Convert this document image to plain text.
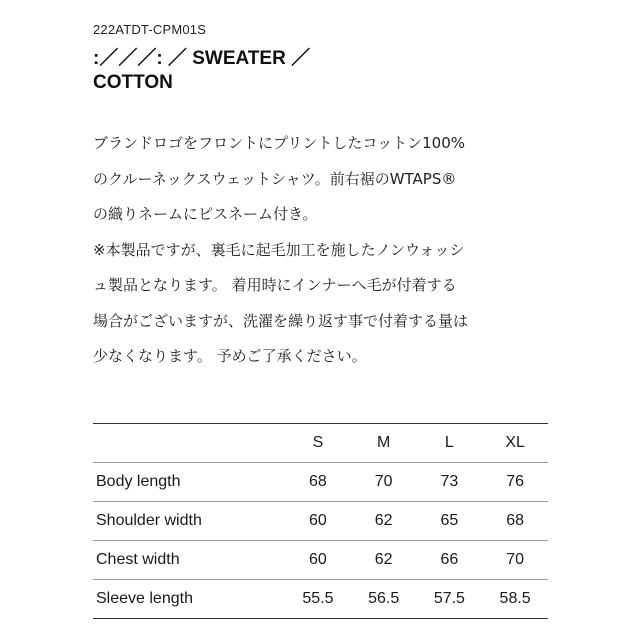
222ATDT-CPM01S
:／／／: ／ SWEATER ／
COTTON

ブランドロゴをフロントにプリントしたコットン100%
のクルーネックスウェットシャツ。前右裾のWTAPS®
の織りネームにピスネーム付き。
※本製品ですが、裏毛に起毛加工を施したノンウォッシ
ュ製品となります。 着用時にインナーへ毛が付着する
場合がございますが、洗濯を繰り返す事で付着する量は
少なくなります。 予めご了承ください。

	S	M	L	XL
Body length	68	70	73	76
Shoulder width	60	62	65	68
Chest width	60	62	66	70
Sleeve length	55.5	56.5	57.5	58.5
